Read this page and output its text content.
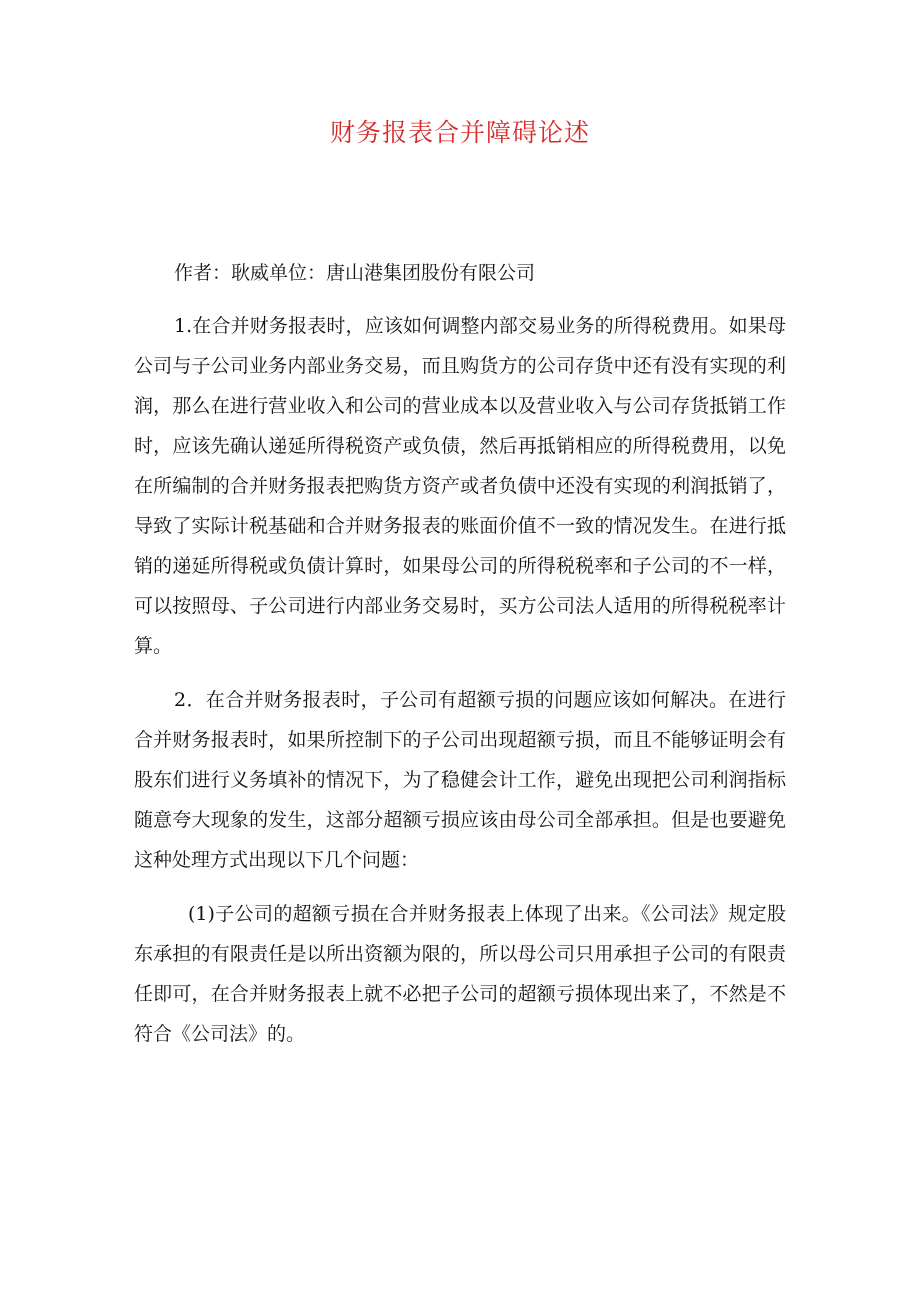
财务报表合并障碍论述

作者：耿威单位：唐山港集团股份有限公司

1.在合并财务报表时，应该如何调整内部交易业务的所得税费用。如果母公司与子公司业务内部业务交易，而且购货方的公司存货中还有没有实现的利润，那么在进行营业收入和公司的营业成本以及营业收入与公司存货抵销工作时，应该先确认递延所得税资产或负债，然后再抵销相应的所得税费用，以免在所编制的合并财务报表把购货方资产或者负债中还没有实现的利润抵销了，导致了实际计税基础和合并财务报表的账面价值不一致的情况发生。在进行抵销的递延所得税或负债计算时，如果母公司的所得税税率和子公司的不一样，可以按照母、子公司进行内部业务交易时，买方公司法人适用的所得税税率计算。

2．在合并财务报表时，子公司有超额亏损的问题应该如何解决。在进行合并财务报表时，如果所控制下的子公司出现超额亏损，而且不能够证明会有股东们进行义务填补的情况下，为了稳健会计工作，避免出现把公司利润指标随意夸大现象的发生，这部分超额亏损应该由母公司全部承担。但是也要避免这种处理方式出现以下几个问题：

(1)子公司的超额亏损在合并财务报表上体现了出来。《公司法》规定股东承担的有限责任是以所出资额为限的，所以母公司只用承担子公司的有限责任即可，在合并财务报表上就不必把子公司的超额亏损体现出来了，不然是不符合《公司法》的。
